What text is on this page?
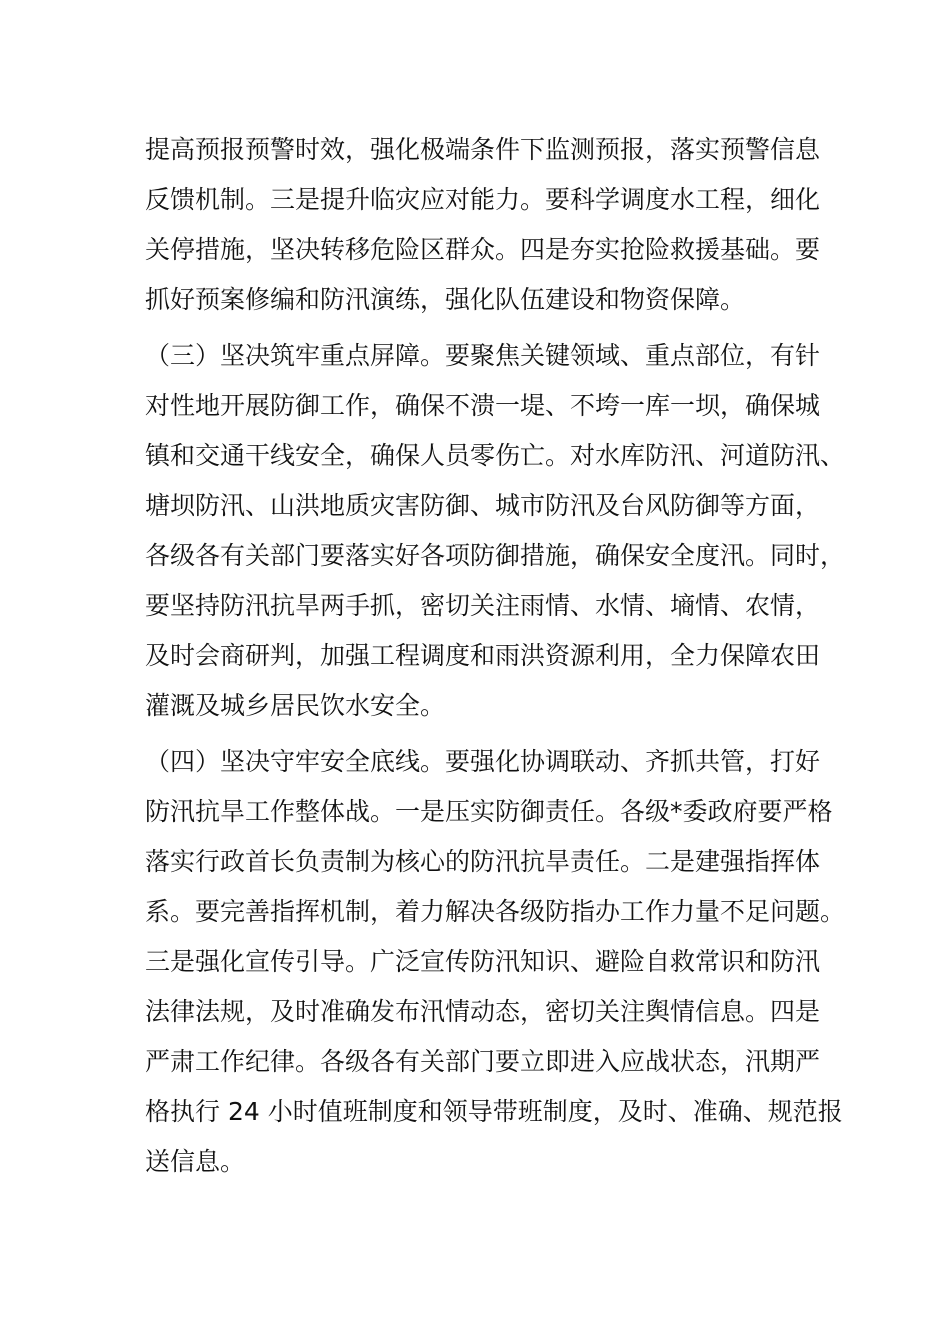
提高预报预警时效，强化极端条件下监测预报，落实预警信息
反馈机制。三是提升临灾应对能力。要科学调度水工程，细化
关停措施，坚决转移危险区群众。四是夯实抢险救援基础。要
抓好预案修编和防汛演练，强化队伍建设和物资保障。
（三）坚决筑牢重点屏障。要聚焦关键领域、重点部位，有针
对性地开展防御工作，确保不溃一堤、不垮一库一坝，确保城
镇和交通干线安全，确保人员零伤亡。对水库防汛、河道防汛、
塘坝防汛、山洪地质灾害防御、城市防汛及台风防御等方面，
各级各有关部门要落实好各项防御措施，确保安全度汛。同时，
要坚持防汛抗旱两手抓，密切关注雨情、水情、墒情、农情，
及时会商研判，加强工程调度和雨洪资源利用，全力保障农田
灌溉及城乡居民饮水安全。
（四）坚决守牢安全底线。要强化协调联动、齐抓共管，打好
防汛抗旱工作整体战。一是压实防御责任。各级*委政府要严格
落实行政首长负责制为核心的防汛抗旱责任。二是建强指挥体
系。要完善指挥机制，着力解决各级防指办工作力量不足问题。
三是强化宣传引导。广泛宣传防汛知识、避险自救常识和防汛
法律法规，及时准确发布汛情动态，密切关注舆情信息。四是
严肃工作纪律。各级各有关部门要立即进入应战状态，汛期严
格执行 24 小时值班制度和领导带班制度，及时、准确、规范报
送信息。
